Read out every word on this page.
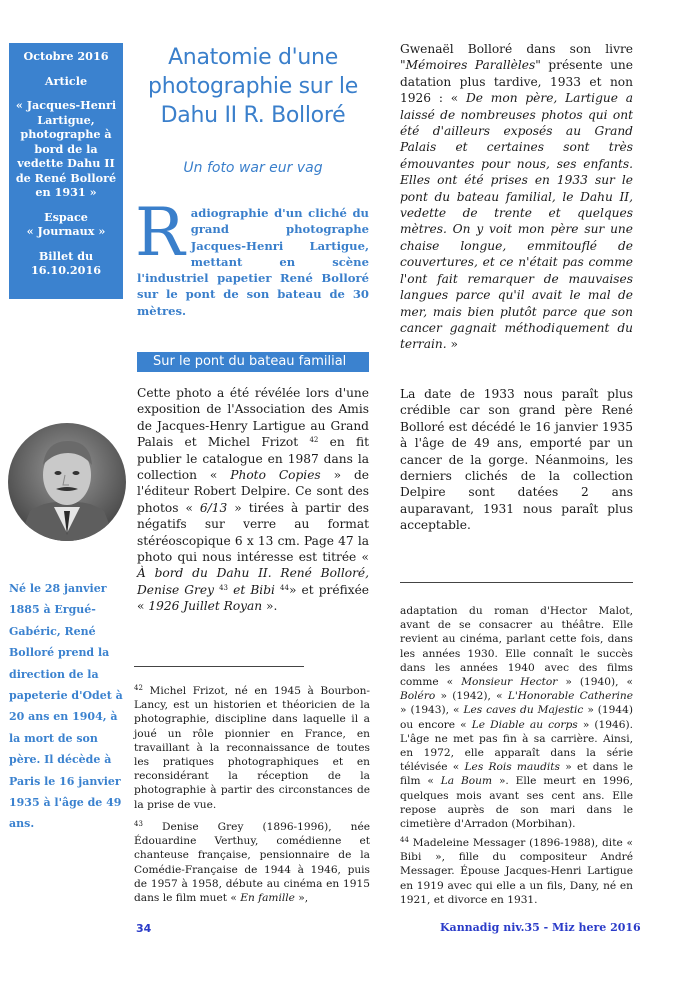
Octobre 2016

Article

« Jacques-Henri Lartigue, photographe à bord de la vedette Dahu II de René Bolloré en 1931 »

Espace
« Journaux »

Billet du
16.10.2016

Né le 28 janvier 1885 à Ergué-Gabéric, René Bolloré prend la direction de la papeterie d'Odet à 20 ans en 1904, à la mort de son père. Il décède à Paris le 16 janvier 1935 à l'âge de 49 ans.
Anatomie d'une photographie sur le Dahu II R. Bolloré
Un foto war eur vag
Radiographie d'un cliché du grand photographe Jacques-Henri Lartigue, mettant en scène l'industriel papetier René Bolloré sur le pont de son bateau de 30 mètres.
Sur le pont du bateau familial
Cette photo a été révélée lors d'une exposition de l'Association des Amis de Jacques-Henry Lartigue au Grand Palais et Michel Frizot $^{42}$ en fit publier le catalogue en 1987 dans la collection « Photo Copies » de l'éditeur Robert Delpire. Ce sont des photos « 6/13 » tirées à partir des négatifs sur verre au format stéréoscopique 6 x 13 cm. Page 47 la photo qui nous intéresse est titrée « À bord du Dahu II. René Bolloré, Denise Grey $^{43}$ et Bibi $^{44}$» et préfixée « 1926 Juillet Royan ».
Gwenaël Bolloré dans son livre "Mémoires Parallèles" présente une datation plus tardive, 1933 et non 1926 : « De mon père, Lartigue a laissé de nombreuses photos qui ont été d'ailleurs exposés au Grand Palais et certaines sont très émouvantes pour nous, ses enfants. Elles ont été prises en 1933 sur le pont du bateau familial, le Dahu II, vedette de trente et quelques mètres. On y voit mon père sur une chaise longue, emmitouflé de couvertures, et ce n'était pas comme l'ont fait remarquer de mauvaises langues parce qu'il avait le mal de mer, mais bien plutôt parce que son cancer gagnait méthodiquement du terrain. »
La date de 1933 nous paraît plus crédible car son grand père René Bolloré est décédé le 16 janvier 1935 à l'âge de 49 ans, emporté par un cancer de la gorge. Néanmoins, les derniers clichés de la collection Delpire sont datées 2 ans auparavant, 1931 nous paraît plus acceptable.
$^{42}$ Michel Frizot, né en 1945 à Bourbon-Lancy, est un historien et théoricien de la photographie, discipline dans laquelle il a joué un rôle pionnier en France, en travaillant à la reconnaissance de toutes les pratiques photographiques et en reconsidérant la réception de la photographie à partir des circonstances de la prise de vue.
$^{43}$ Denise Grey (1896-1996), née Édouardine Verthuy, comédienne et chanteuse française, pensionnaire de la Comédie-Française de 1944 à 1946, puis de 1957 à 1958, débute au cinéma en 1915 dans le film muet « En famille »,
adaptation du roman d'Hector Malot, avant de se consacrer au théâtre. Elle revient au cinéma, parlant cette fois, dans les années 1930. Elle connaît le succès dans les années 1940 avec des films comme « Monsieur Hector » (1940), « Boléro » (1942), « L'Honorable Catherine » (1943), « Les caves du Majestic » (1944) ou encore « Le Diable au corps » (1946). L'âge ne met pas fin à sa carrière. Ainsi, en 1972, elle apparaît dans la série télévisée « Les Rois maudits » et dans le film « La Boum ». Elle meurt en 1996, quelques mois avant ses cent ans. Elle repose auprès de son mari dans le cimetière d'Arradon (Morbihan).
$^{44}$ Madeleine Messager (1896-1988), dite « Bibi », fille du compositeur André Messager. Épouse Jacques-Henri Lartigue en 1919 avec qui elle a un fils, Dany, né en 1921, et divorce en 1931.
34	Kannadig niv.35 - Miz here 2016
